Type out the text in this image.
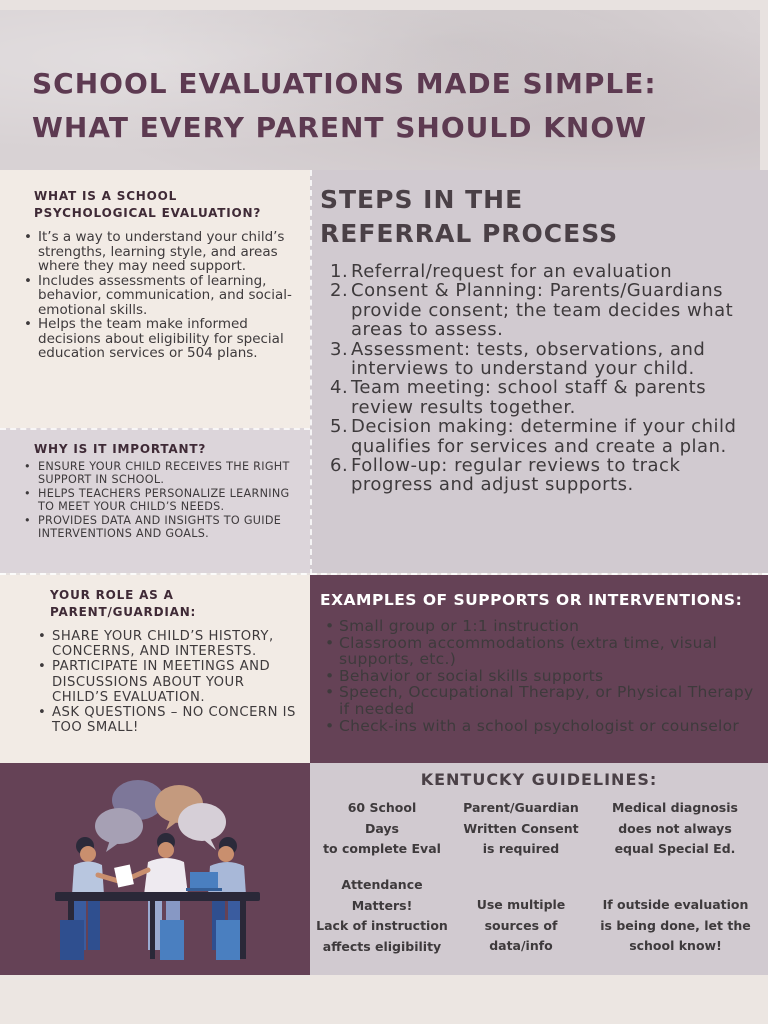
SCHOOL EVALUATIONS MADE SIMPLE:
WHAT EVERY PARENT SHOULD KNOW
WHAT IS A SCHOOL
PSYCHOLOGICAL EVALUATION?
• It’s a way to understand your child’s strengths, learning style, and areas where they may need support.
• Includes assessments of learning, behavior, communication, and social-emotional skills.
• Helps the team make informed decisions about eligibility for special education services or 504 plans.
WHY IS IT IMPORTANT?
• ENSURE YOUR CHILD RECEIVES THE RIGHT SUPPORT IN SCHOOL.
• HELPS TEACHERS PERSONALIZE LEARNING TO MEET YOUR CHILD’S NEEDS.
• PROVIDES DATA AND INSIGHTS TO GUIDE INTERVENTIONS AND GOALS.
STEPS IN THE
REFERRAL PROCESS
1. Referral/request for an evaluation
2. Consent & Planning: Parents/Guardians provide consent; the team decides what areas to assess.
3. Assessment: tests, observations, and interviews to understand your child.
4. Team meeting: school staff & parents review results together.
5. Decision making: determine if your child qualifies for services and create a plan.
6. Follow-up: regular reviews to track progress and adjust supports.
YOUR ROLE AS A
PARENT/GUARDIAN:
• SHARE YOUR CHILD’S HISTORY, CONCERNS, AND INTERESTS.
• PARTICIPATE IN MEETINGS AND DISCUSSIONS ABOUT YOUR CHILD’S EVALUATION.
• ASK QUESTIONS – NO CONCERN IS TOO SMALL!
EXAMPLES OF SUPPORTS OR INTERVENTIONS:
• Small group or 1:1 instruction
• Classroom accommodations (extra time, visual supports, etc.)
• Behavior or social skills supports
• Speech, Occupational Therapy, or Physical Therapy if needed
• Check-ins with a school psychologist or counselor
KENTUCKY GUIDELINES:
60 School
Days
to complete Eval
Parent/Guardian
Written Consent
is required
Medical diagnosis
does not always
equal Special Ed.
Attendance
Matters!
Lack of instruction
affects eligibility
Use multiple
sources of
data/info
If outside evaluation
is being done, let the
school know!
